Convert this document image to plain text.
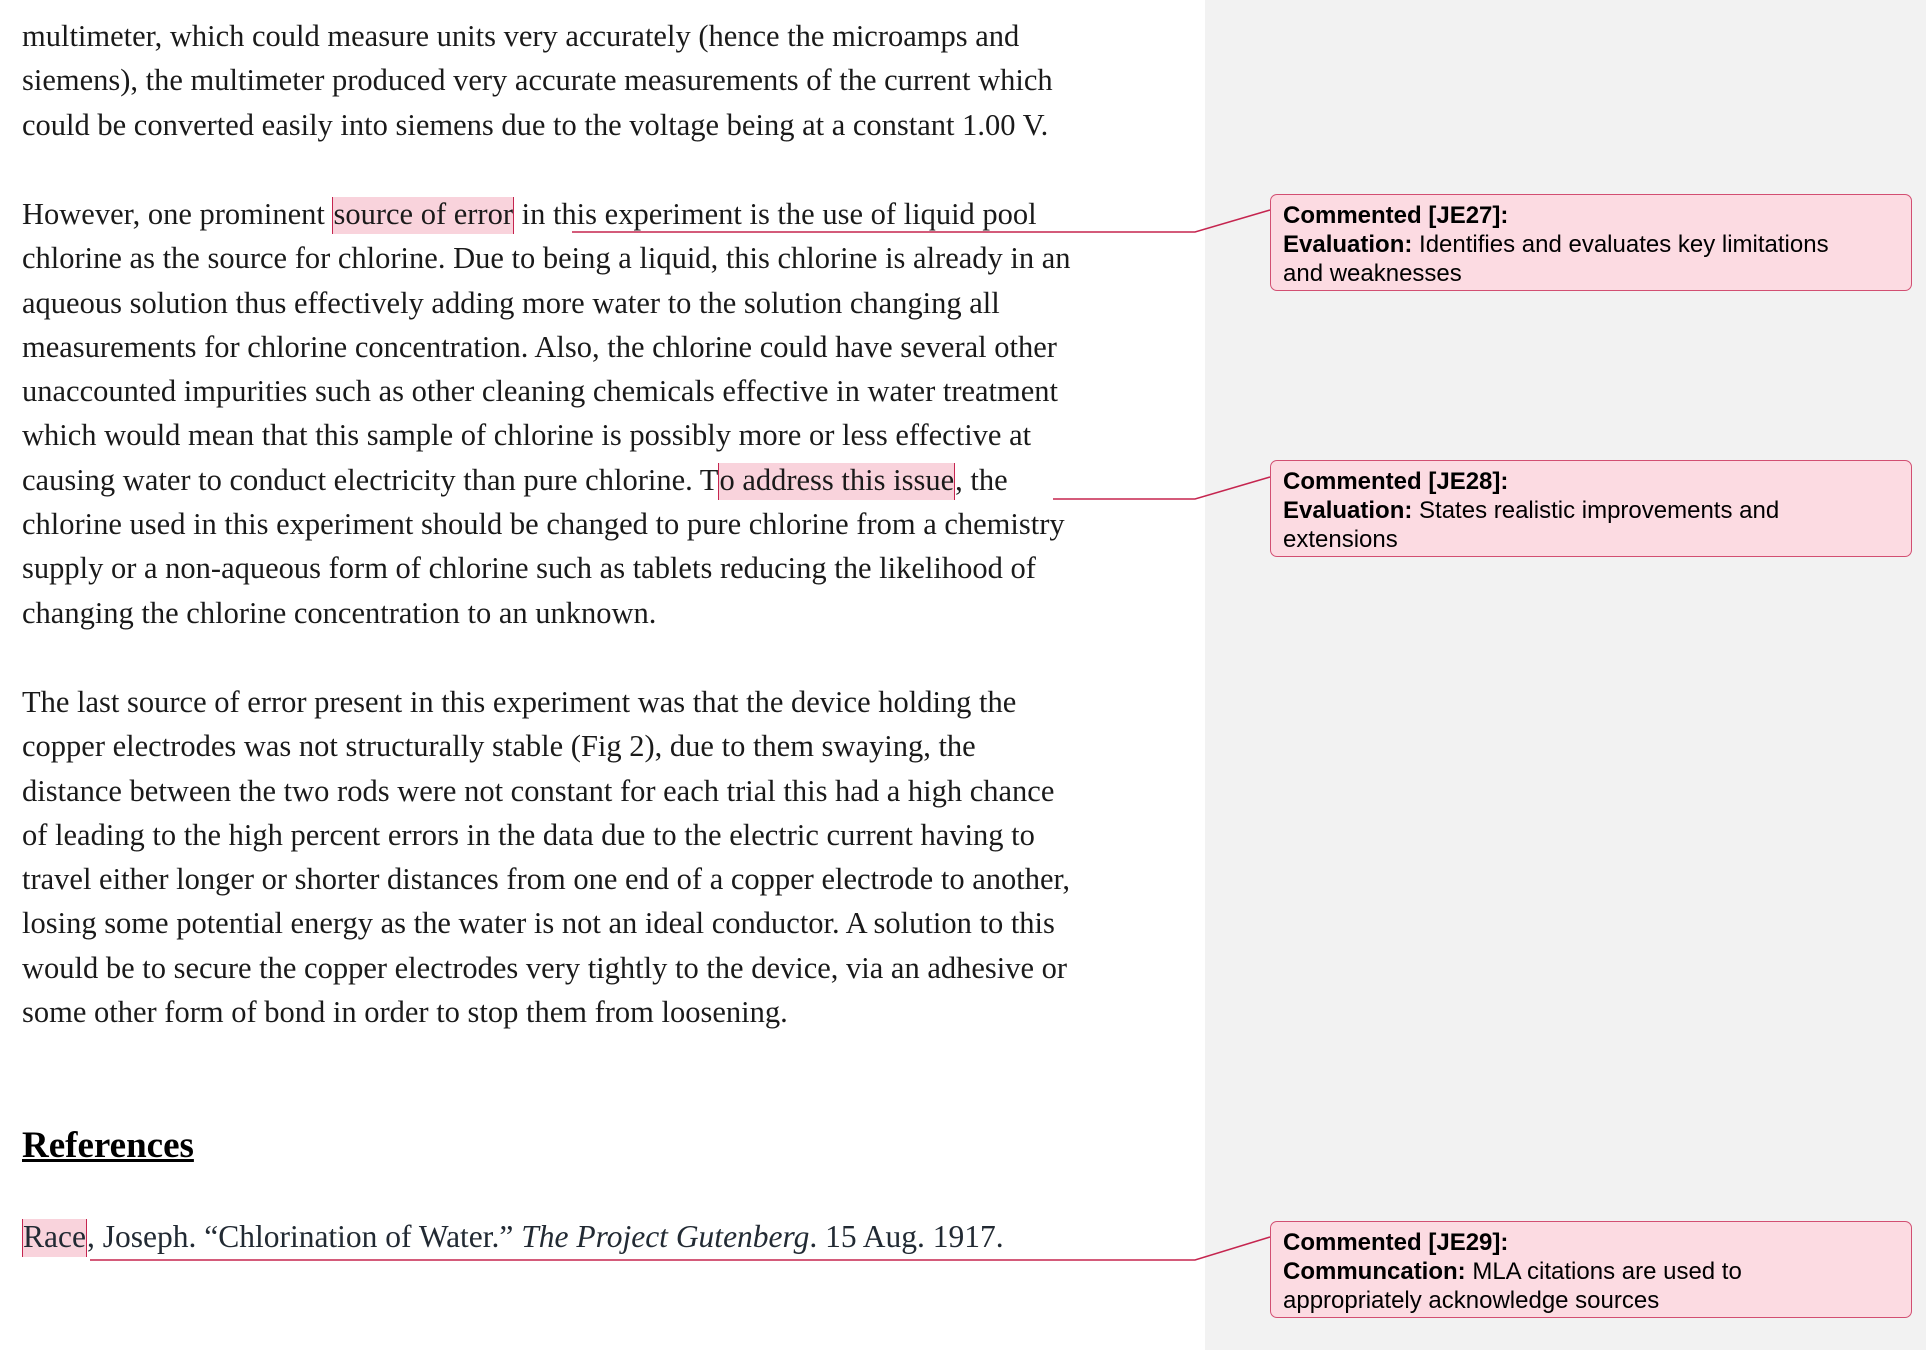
multimeter, which could measure units very accurately (hence the microamps and
siemens), the multimeter produced very accurate measurements of the current which
could be converted easily into siemens due to the voltage being at a constant 1.00 V.

However, one prominent source of error in this experiment is the use of liquid pool
chlorine as the source for chlorine. Due to being a liquid, this chlorine is already in an
aqueous solution thus effectively adding more water to the solution changing all
measurements for chlorine concentration. Also, the chlorine could have several other
unaccounted impurities such as other cleaning chemicals effective in water treatment
which would mean that this sample of chlorine is possibly more or less effective at
causing water to conduct electricity than pure chlorine. To address this issue, the
chlorine used in this experiment should be changed to pure chlorine from a chemistry
supply or a non-aqueous form of chlorine such as tablets reducing the likelihood of
changing the chlorine concentration to an unknown.

The last source of error present in this experiment was that the device holding the
copper electrodes was not structurally stable (Fig 2), due to them swaying, the
distance between the two rods were not constant for each trial this had a high chance
of leading to the high percent errors in the data due to the electric current having to
travel either longer or shorter distances from one end of a copper electrode to another,
losing some potential energy as the water is not an ideal conductor. A solution to this
would be to secure the copper electrodes very tightly to the device, via an adhesive or
some other form of bond in order to stop them from loosening.

References

Race, Joseph. “Chlorination of Water.” The Project Gutenberg. 15 Aug. 1917.

Commented [JE27]:
Evaluation: Identifies and evaluates key limitations
and weaknesses
Commented [JE28]:
Evaluation: States realistic improvements and
extensions
Commented [JE29]:
Communcation: MLA citations are used to
appropriately acknowledge sources
